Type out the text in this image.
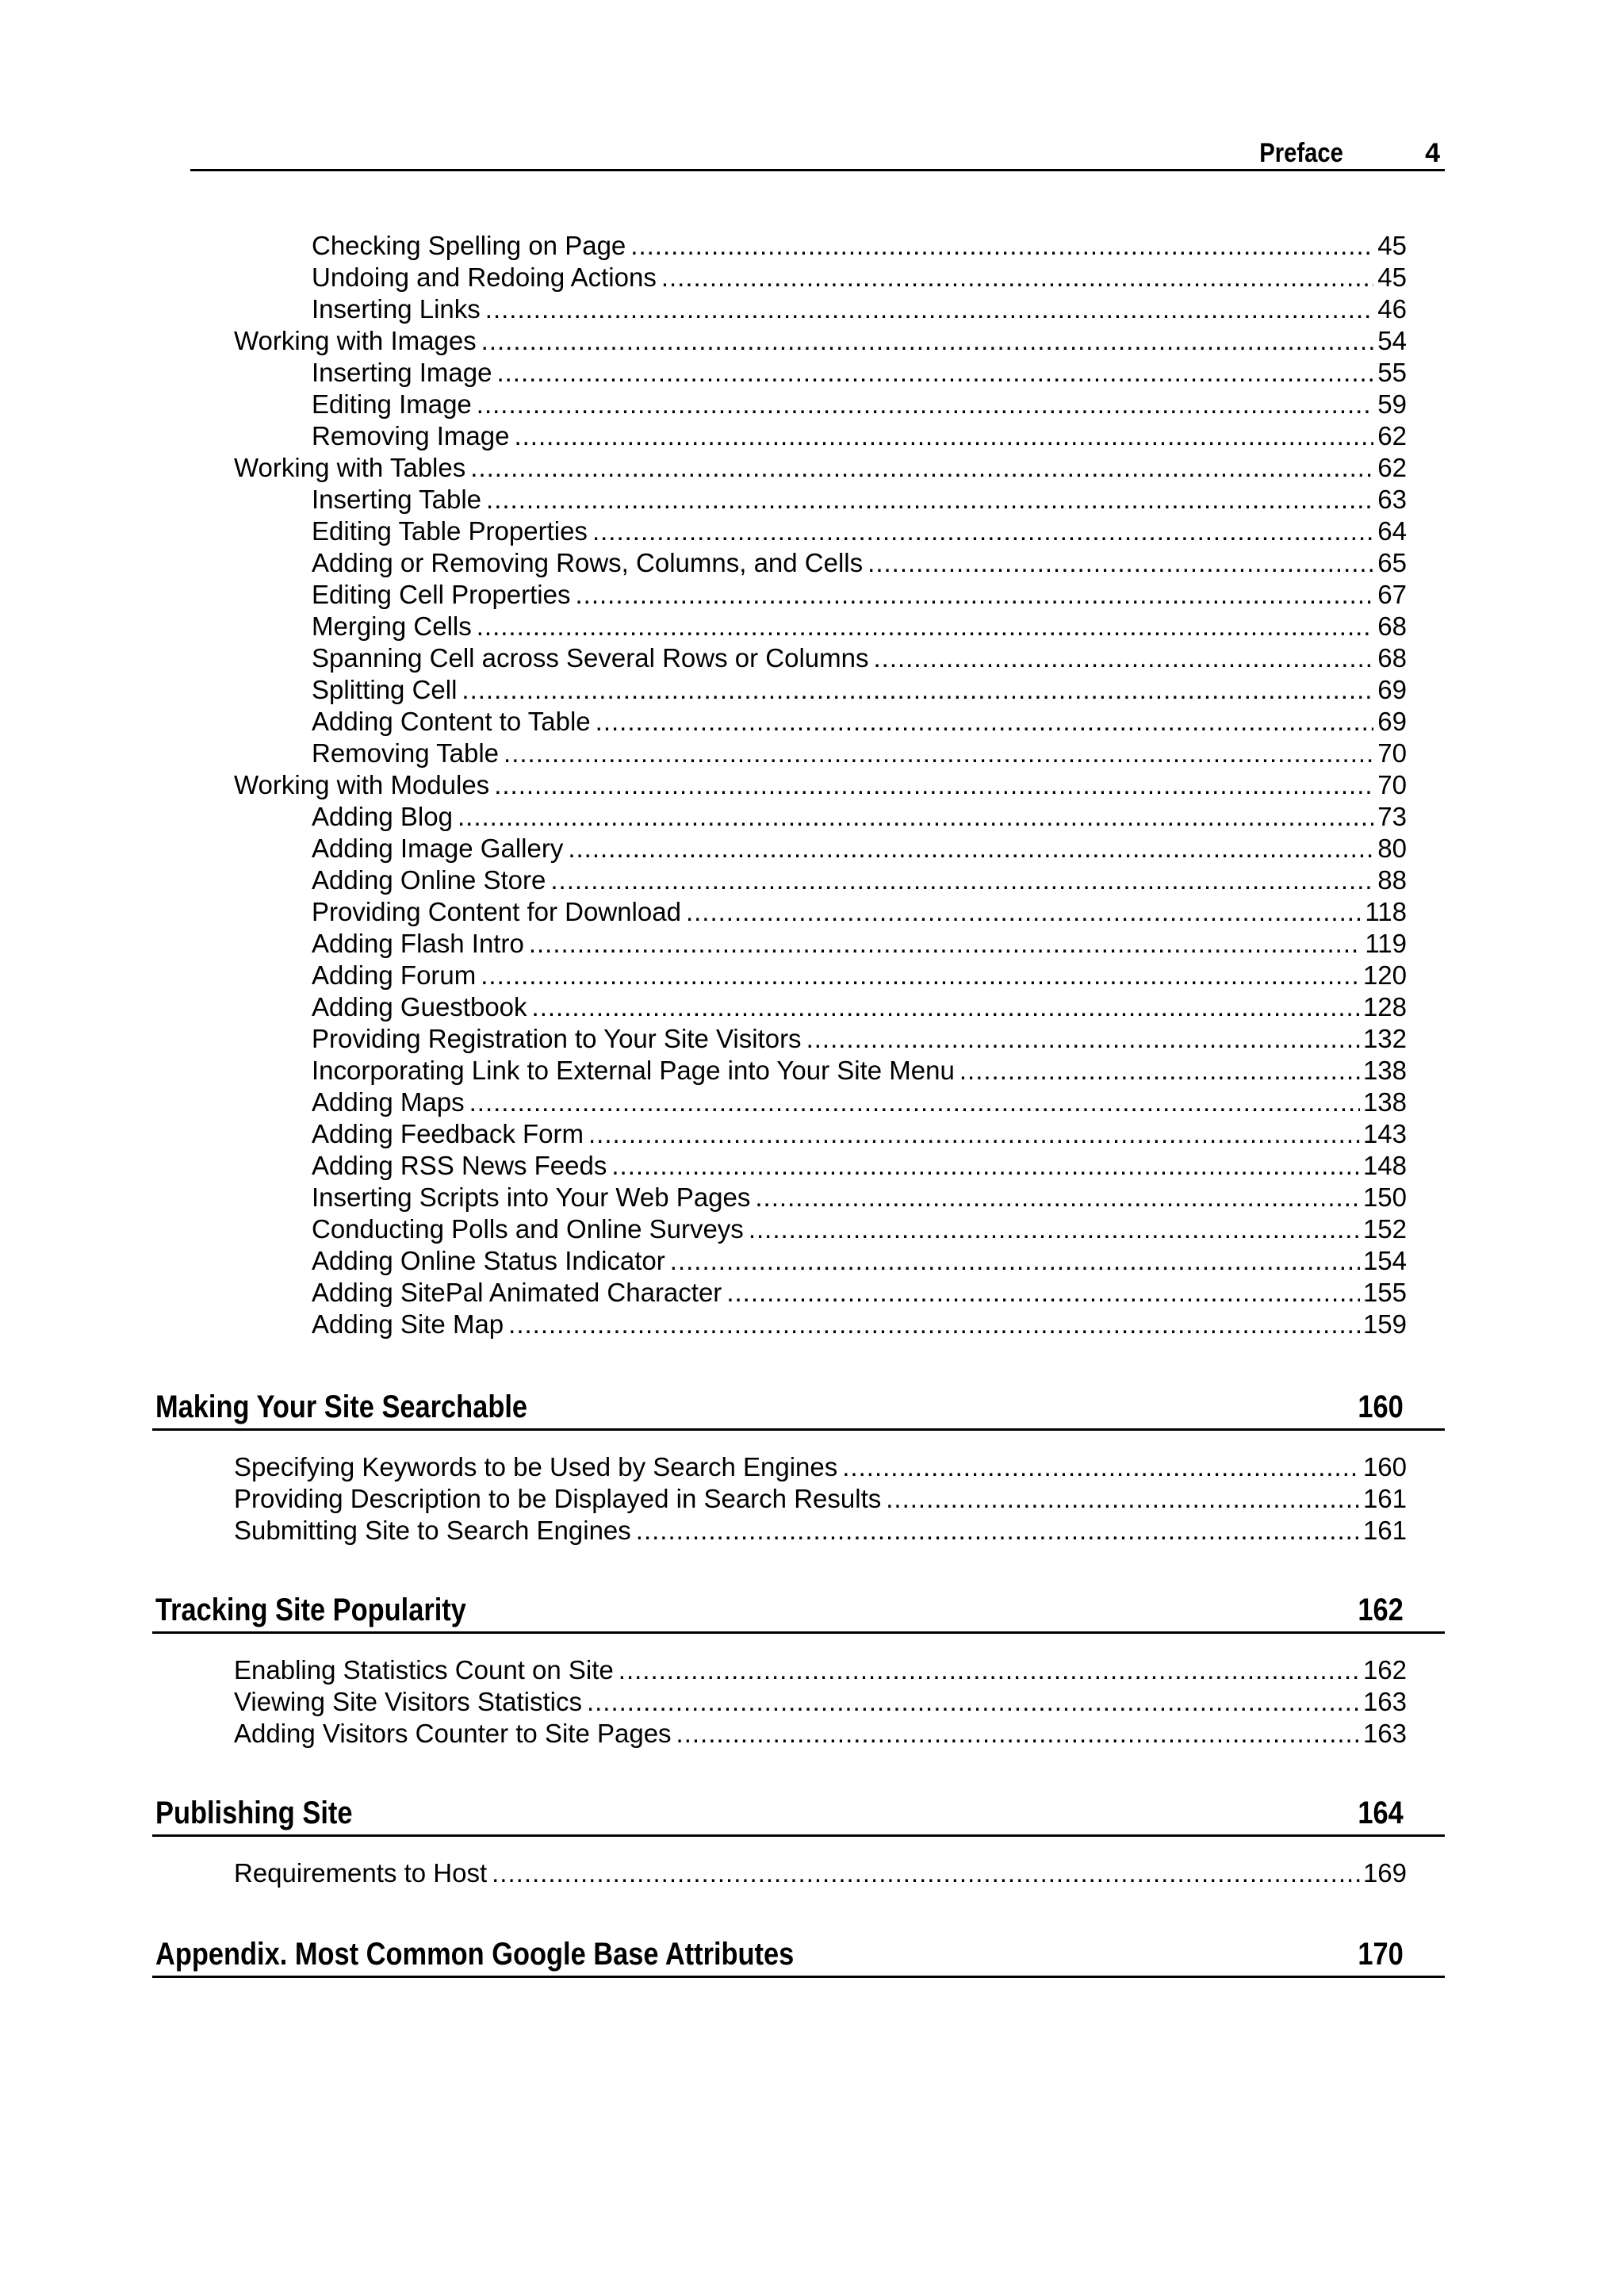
Preface	4
Checking Spelling on Page .....	45
Undoing and Redoing Actions .....	45
Inserting Links .....	46
Working with Images .....	54
Inserting Image .....	55
Editing Image .....	59
Removing Image .....	62
Working with Tables .....	62
Inserting Table .....	63
Editing Table Properties .....	64
Adding or Removing Rows, Columns, and Cells .....	65
Editing Cell Properties .....	67
Merging Cells .....	68
Spanning Cell across Several Rows or Columns .....	68
Splitting Cell .....	69
Adding Content to Table .....	69
Removing Table .....	70
Working with Modules .....	70
Adding Blog .....	73
Adding Image Gallery .....	80
Adding Online Store .....	88
Providing Content for Download .....	118
Adding Flash Intro .....	119
Adding Forum .....	120
Adding Guestbook .....	128
Providing Registration to Your Site Visitors .....	132
Incorporating Link to External Page into Your Site Menu .....	138
Adding Maps .....	138
Adding Feedback Form .....	143
Adding RSS News Feeds .....	148
Inserting Scripts into Your Web Pages .....	150
Conducting Polls and Online Surveys .....	152
Adding Online Status Indicator .....	154
Adding SitePal Animated Character .....	155
Adding Site Map .....	159
Making Your Site Searchable	160
Specifying Keywords to be Used by Search Engines .....	160
Providing Description to be Displayed in Search Results .....	161
Submitting Site to Search Engines .....	161
Tracking Site Popularity	162
Enabling Statistics Count on Site .....	162
Viewing Site Visitors Statistics .....	163
Adding Visitors Counter to Site Pages .....	163
Publishing Site	164
Requirements to Host .....	169
Appendix. Most Common Google Base Attributes	170
